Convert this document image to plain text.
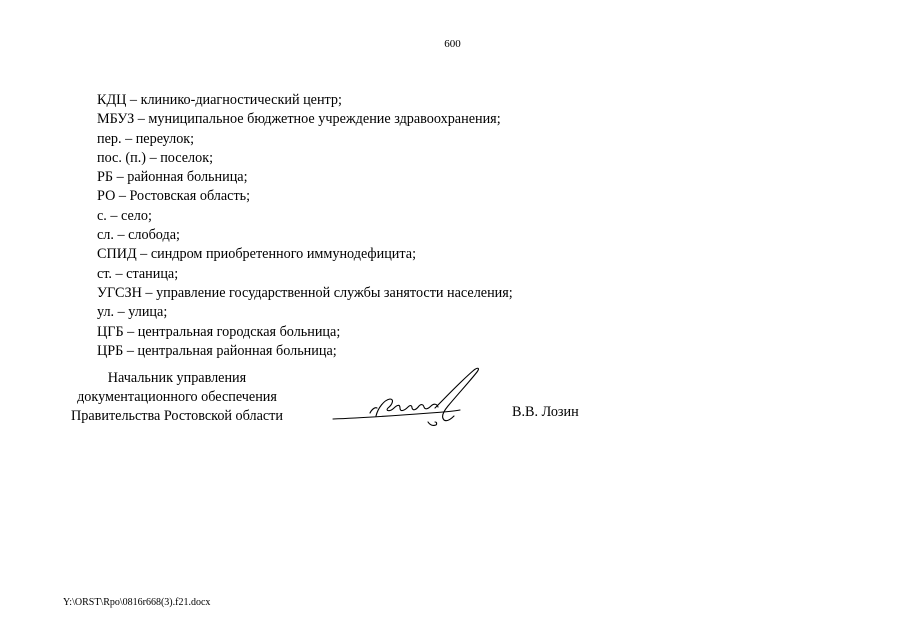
600
КДЦ – клинико-диагностический центр;
МБУЗ – муниципальное бюджетное учреждение здравоохранения;
пер. – переулок;
пос. (п.) – поселок;
РБ – районная больница;
РО – Ростовская область;
с. – село;
сл. – слобода;
СПИД – синдром приобретенного иммунодефицита;
ст. – станица;
УГСЗН – управление государственной службы занятости населения;
ул. – улица;
ЦГБ – центральная городская больница;
ЦРБ – центральная районная больница;
Начальник управления
документационного обеспечения
Правительства Ростовской области	В.В. Лозин
Y:\ORST\Rpo\0816r668(3).f21.docx
